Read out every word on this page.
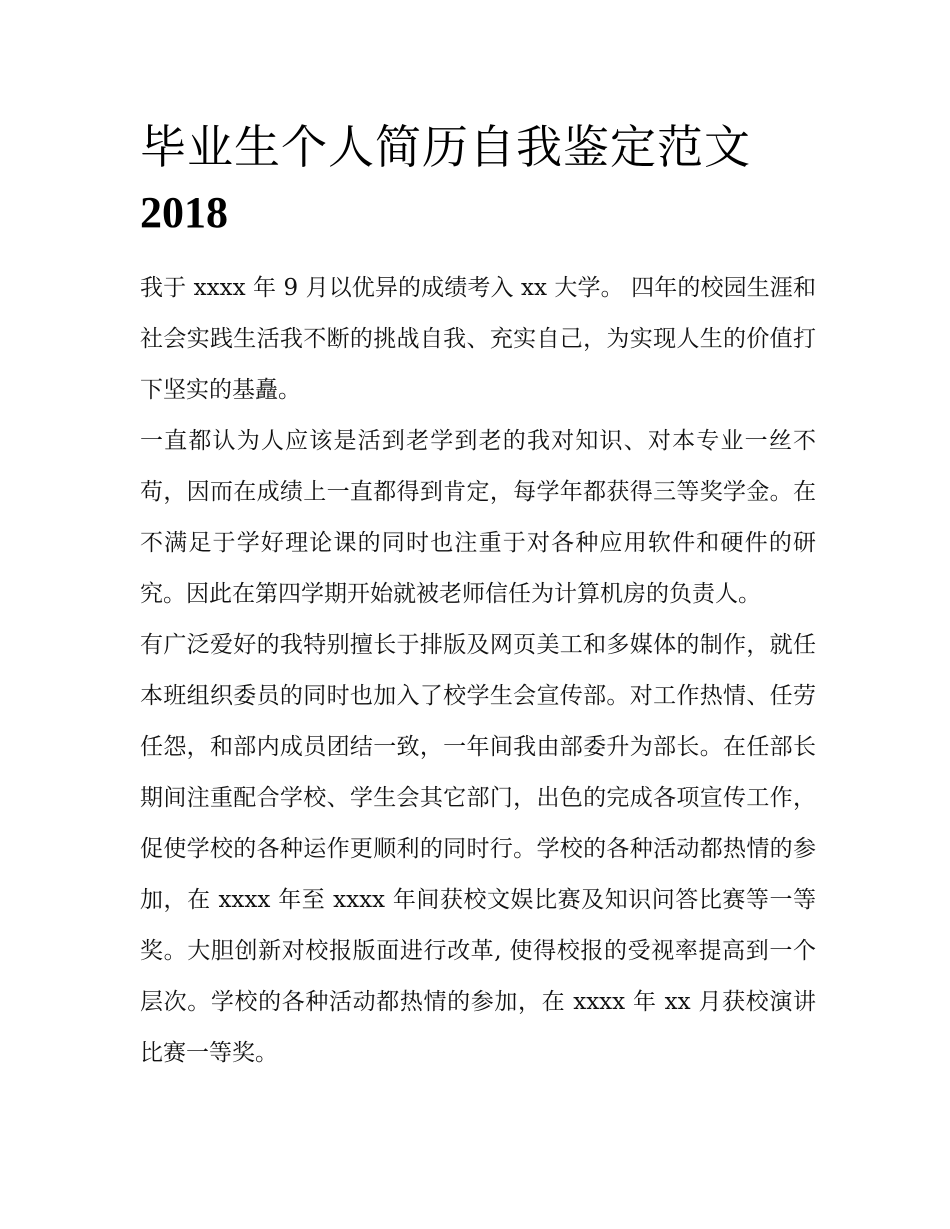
毕业生个人简历自我鉴定范文
2018

我于 xxxx 年 9 月以优异的成绩考入 xx 大学。 四年的校园生涯和社会实践生活我不断的挑战自我、充实自己，为实现人生的价值打下坚实的基矗。

一直都认为人应该是活到老学到老的我对知识、对本专业一丝不苟，因而在成绩上一直都得到肯定，每学年都获得三等奖学金。在不满足于学好理论课的同时也注重于对各种应用软件和硬件的研究。因此在第四学期开始就被老师信任为计算机房的负责人。

有广泛爱好的我特别擅长于排版及网页美工和多媒体的制作，就任本班组织委员的同时也加入了校学生会宣传部。对工作热情、任劳任怨，和部内成员团结一致，一年间我由部委升为部长。在任部长期间注重配合学校、学生会其它部门，出色的完成各项宣传工作，促使学校的各种运作更顺利的同时行。学校的各种活动都热情的参加，在 xxxx 年至 xxxx 年间获校文娱比赛及知识问答比赛等一等奖。大胆创新对校报版面进行改革, 使得校报的受视率提高到一个层次。学校的各种活动都热情的参加，在 xxxx 年 xx 月获校演讲比赛一等奖。
